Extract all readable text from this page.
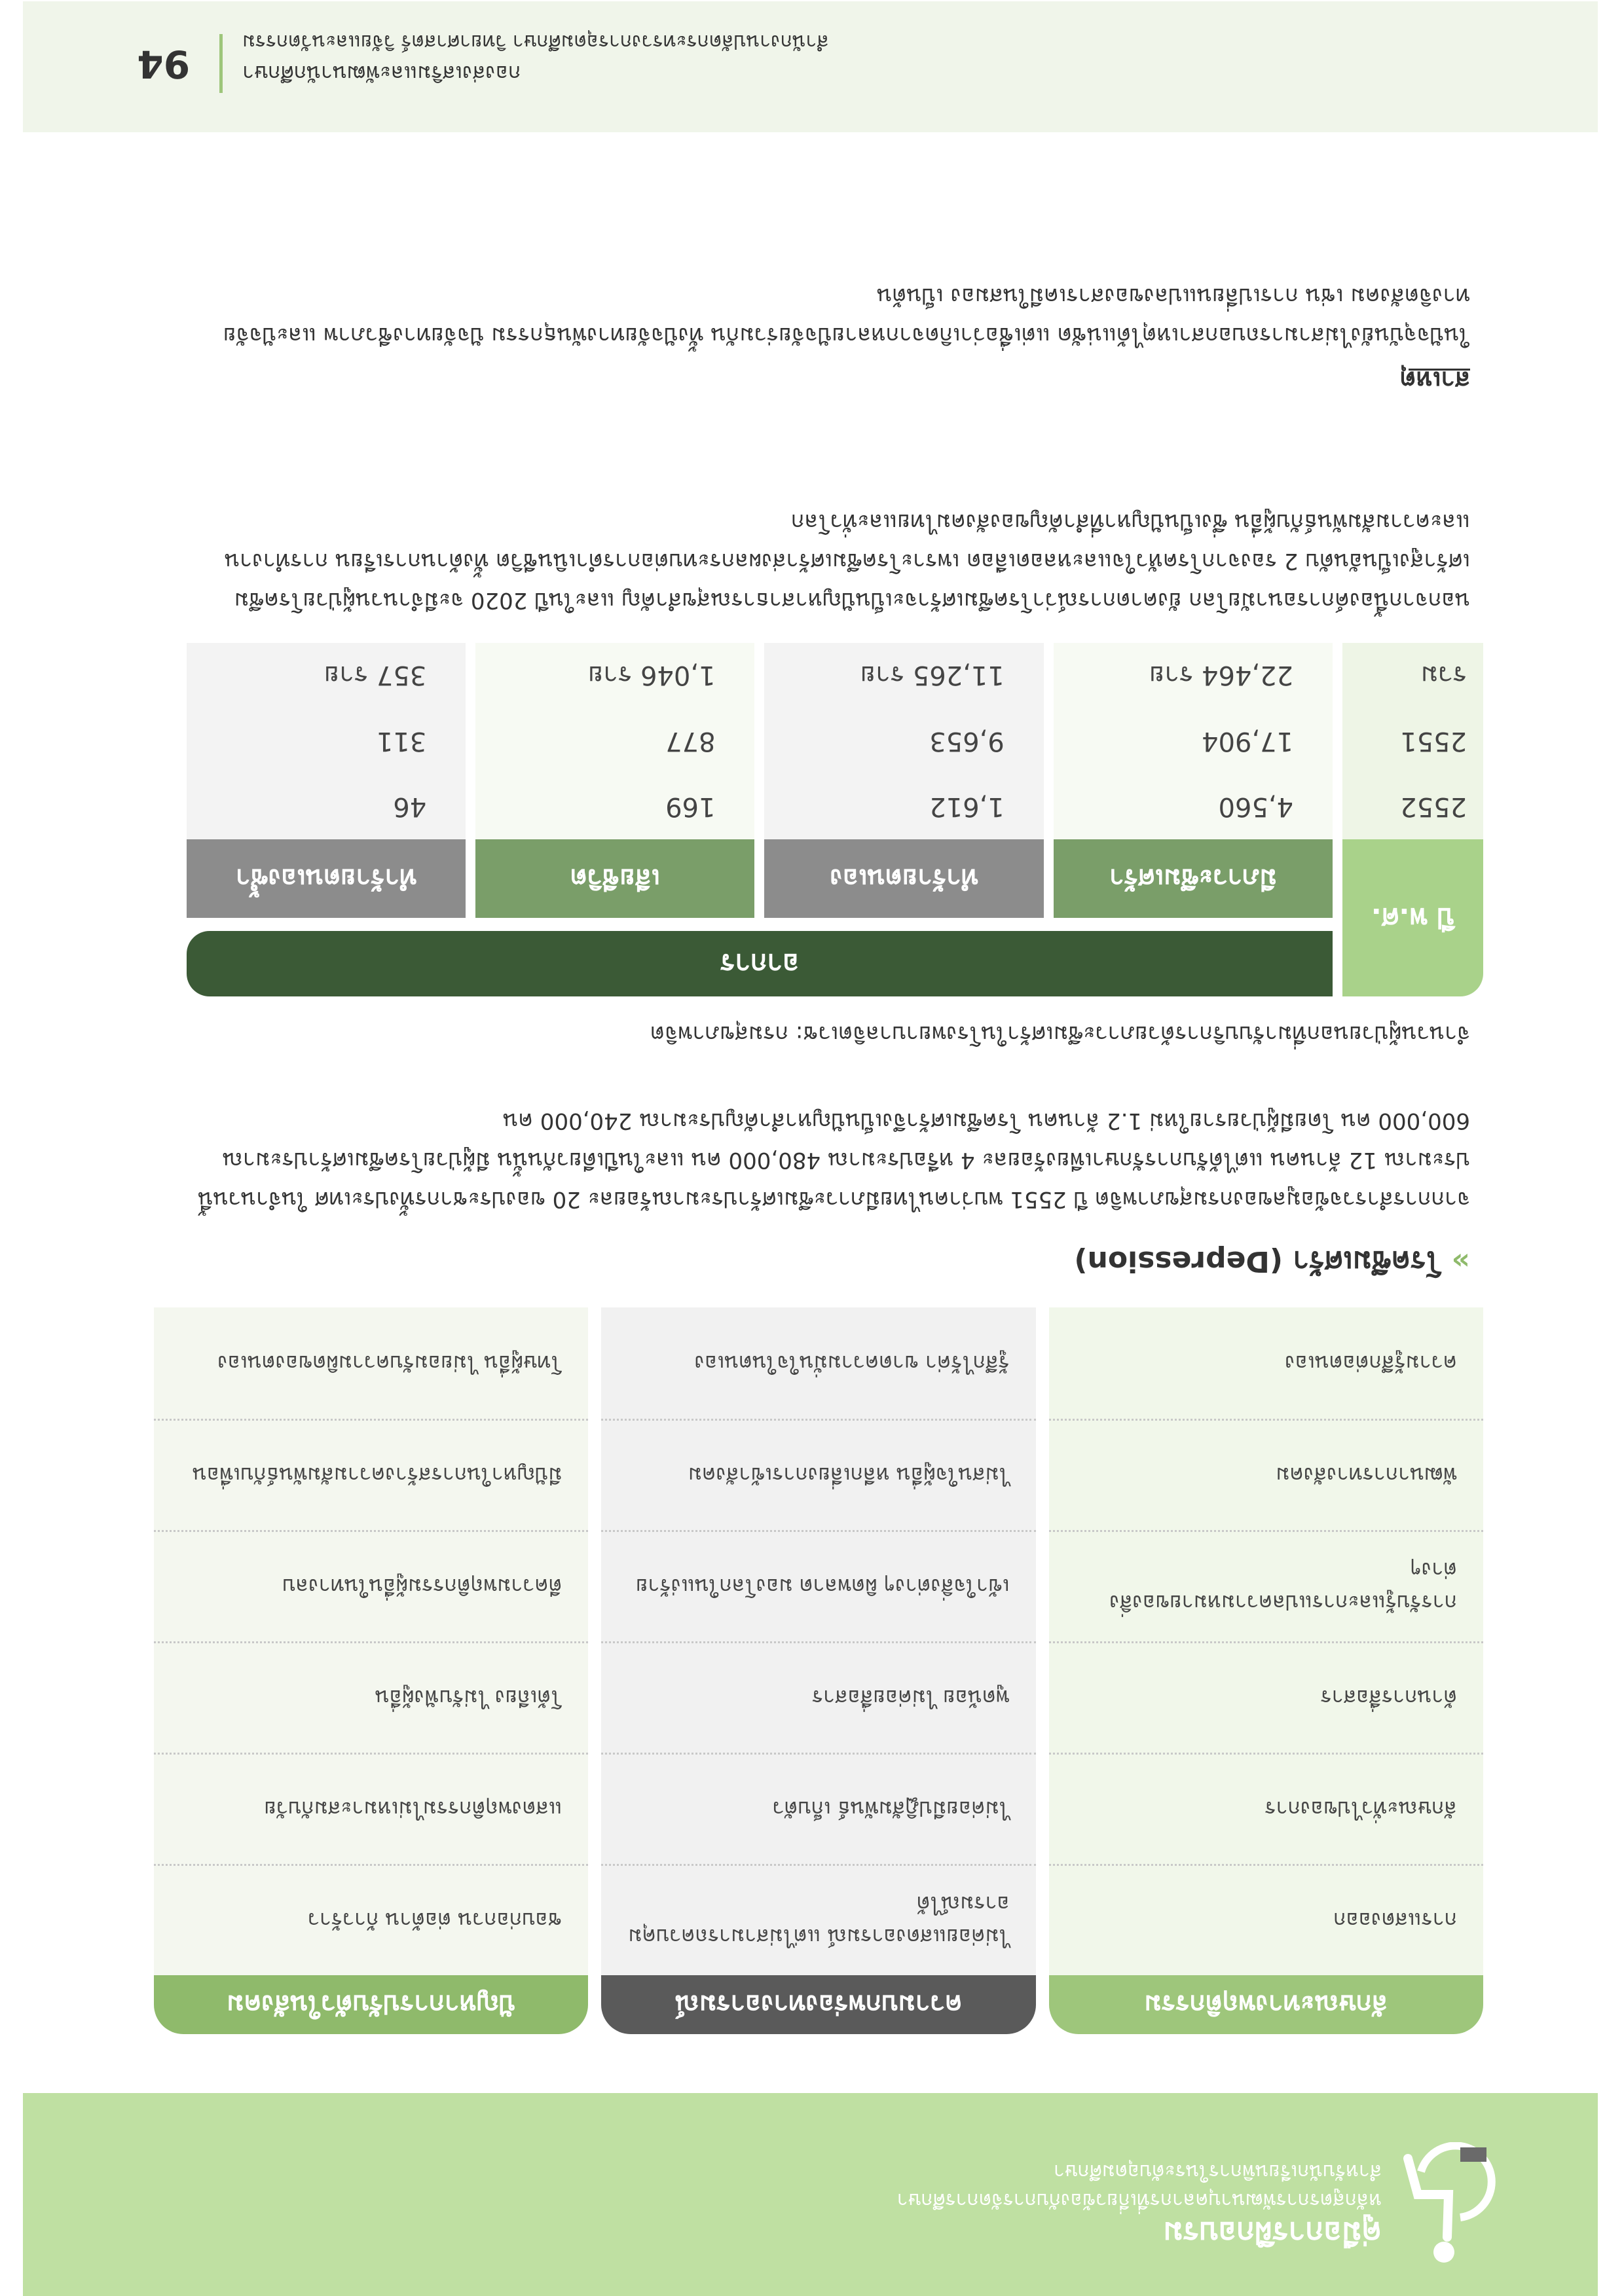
คู่มือการฝึกอบรม
หลักสูตรการพัฒนาบุคลากรที่เกี่ยวข้องกับการจัดการศึกษา
สำหรับนักเรียนพิการในระดับอุดมศึกษา
ลักษณะทางพฤติกรรม
ความบกพร่องทางอารมณ์
ปัญหาการปรับตัวในสังคม
การแสดงออก
ลักษณะทั่วไปของการ
ด้านการสื่อสาร
การรับรู้และการแปลความหมายของสิ่งต่างๆ
พัฒนาการทางสังคม
ความรู้สึกต่อตนเอง
ไม่ค่อยแสดงอารมณ์ แต่ไม่สามารถควบคุมอารมณ์ได้
ไม่ค่อยมีปฏิสัมพันธ์ เก็บตัว
พูดน้อย ไม่ค่อยสื่อสาร
เข้าใจสิ่งต่างๆ ผิดพลาด มองโลกในแง่ร้าย
ไม่สนใจผู้อื่น หลีกเลี่ยงการเข้าสังคม
รู้สึกไร้ค่า ขาดความมั่นใจในตนเอง
ชอบก่อกวน ต่อต้าน ก้าวร้าว
แสดงพฤติกรรมไม่เหมาะสมกับวัย
โต้เถียง ไม่รับฟังผู้อื่น
ตีความพฤติกรรมผู้อื่นในทางลบ
มีปัญหาในการสร้างความสัมพันธ์กับเพื่อน
โทษผู้อื่น ไม่ยอมรับความผิดของตนเอง
» โรคซึมเศร้า (Depression)

จากการสำรวจข้อมูลของกรมสุขภาพจิต ปี 2551 พบว่าคนไทยมีภาวะซึมเศร้าประมาณร้อยละ 20 ของประชากรทั้งประเทศ ในจำนวนนี้ประมาณ 12 ล้านคน แต่ได้รับการรักษาเพียงร้อยละ 4 หรือประมาณ 480,000 คน และในปีเดียวกันนั้น มีผู้ป่วยโรคซึมเศร้าประมาณ 600,000 คน โดยมีผู้ป่วยรายใหม่ 1.2 ล้านคน โรคซึมเศร้าจึงเป็นปัญหาสำคัญประมาณ 240,000 คน

จำนวนผู้ป่วยนอกที่มารับบริการด้วยภาวะซึมเศร้าในโรงพยาบาลจิตเวช: กรมสุขภาพจิต
ปี พ.ศ.
อาการ
มีภาวะซึมเศร้า
ทำร้ายตนเอง
เสียชีวิต
ทำร้ายตนเองซ้ำ
2552
4,560
1,612
169
46
2551
17,904
9,653
877
311
รวม
22,464 ราย
11,265 ราย
1,046 ราย
357 ราย

นอกจากนี้องค์การอนามัยโลก ยังคาดการณ์ว่าโรคซึมเศร้าจะเป็นปัญหาสาธารณสุขสำคัญ และในปี 2020 จะมีจำนวนผู้ป่วยโรคซึมเศร้าสูงเป็นอันดับ 2 รองจากโรคหัวใจและหลอดเลือด เพราะโรคซึมเศร้าส่งผลกระทบต่อการดำเนินชีวิต ทั้งด้านการเรียน การทำงาน และความสัมพันธ์กับผู้อื่น ซึ่งเป็นปัญหาที่สำคัญของสังคมไทยและทั่วโลก

สาเหตุ

ในปัจจุบันยังไม่สามารถบอกสาเหตุได้แน่ชัด แต่เชื่อว่าเกิดจากหลายปัจจัยร่วมกัน ทั้งปัจจัยทางพันธุกรรม ปัจจัยทางชีวภาพ และปัจจัยทางจิตสังคม เช่น การเปลี่ยนแปลงของสารเคมีในสมอง เป็นต้น

กองส่งเสริมและพัฒนานักศึกษา
สำนักงานปลัดกระทรวงการอุดมศึกษา วิทยาศาสตร์ วิจัยและนวัตกรรม
94
